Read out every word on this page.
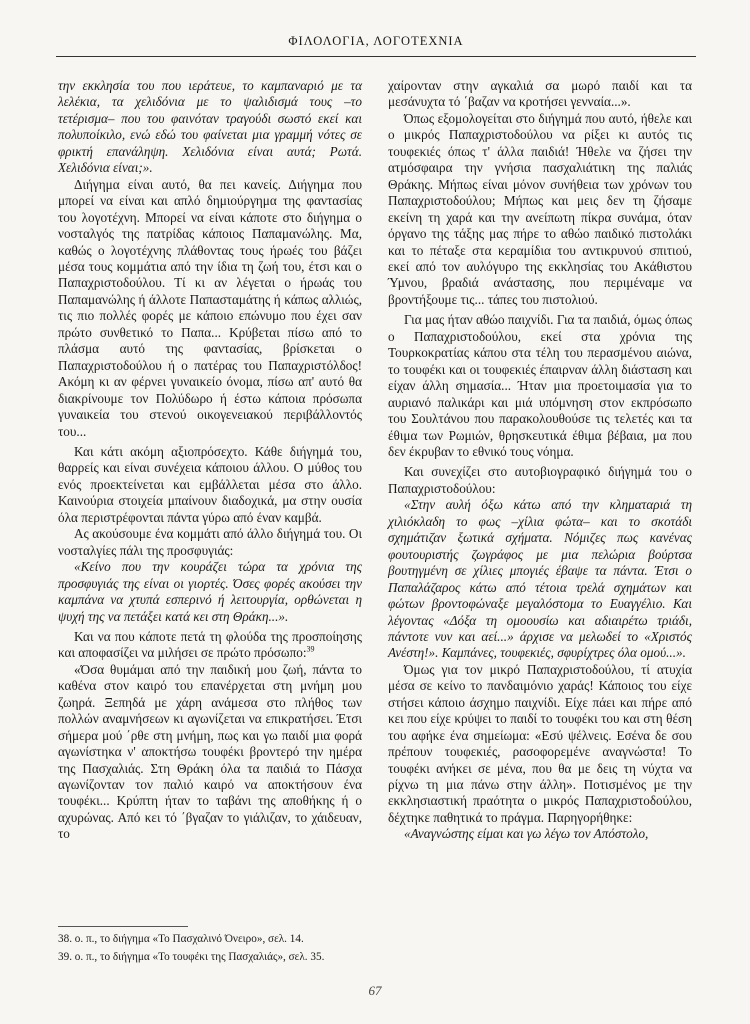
ΦΙΛΟΛΟΓΙΑ, ΛΟΓΟΤΕΧΝΙΑ

την εκκλησία του που ιεράτευε, το καμπαναριό με τα λελέκια, τα χελιδόνια με το ψαλιδισμά τους –το τετέρισμα– που του φαινόταν τραγούδι σωστό εκεί και πολυποίκιλο, ενώ εδώ του φαίνεται μια γραμμή νότες σε φρικτή επανάληψη. Χελιδόνια είναι αυτά; Ρωτά. Χελιδόνια είναι;».

Διήγημα είναι αυτό, θα πει κανείς. Διήγημα που μπορεί να είναι και απλό δημιούργημα της φαντασίας του λογοτέχνη. Μπορεί να είναι κάποτε στο διήγημα ο νοσταλγός της πατρίδας κάποιος Παπαμανώλης. Μα, καθώς ο λογοτέχνης πλάθοντας τους ήρωές του βάζει μέσα τους κομμάτια από την ίδια τη ζωή του, έτσι και ο Παπαχριστοδούλου. Τί κι αν λέγεται ο ήρωάς του Παπαμανώλης ή άλλοτε Παπασταμάτης ή κάπως αλλιώς, τις πιο πολλές φορές με κάποιο επώνυμο που έχει σαν πρώτο συνθετικό το Παπα... Κρύβεται πίσω από το πλάσμα αυτό της φαντασίας, βρίσκεται ο Παπαχριστοδούλου ή ο πατέρας του Παπαχριστόλδος! Ακόμη κι αν φέρνει γυναικείο όνομα, πίσω απ' αυτό θα διακρίνουμε τον Πολύδωρο ή έστω κάποια πρόσωπα γυναικεία του στενού οικογενειακού περιβάλλοντός του...

Και κάτι ακόμη αξιοπρόσεχτο. Κάθε διήγημά του, θαρρείς και είναι συνέχεια κάποιου άλλου. Ο μύθος του ενός προεκτείνεται και εμβάλλεται μέσα στο άλλο. Καινούρια στοιχεία μπαίνουν διαδοχικά, μα στην ουσία όλα περιστρέφονται πάντα γύρω από έναν καμβά.

Ας ακούσουμε ένα κομμάτι από άλλο διήγημά του. Οι νοσταλγίες πάλι της προσφυγιάς:

«Κείνο που την κουράζει τώρα τα χρόνια της προσφυγιάς της είναι οι γιορτές. Όσες φορές ακούσει την καμπάνα να χτυπά εσπερινό ή λειτουργία, ορθώνεται η ψυχή της να πετάξει κατά κει στη Θράκη...».

Και να που κάποτε πετά τη φλούδα της προσποίησης και αποφασίζει να μιλήσει σε πρώτο πρόσωπο:$^{39}$

«Όσα θυμάμαι από την παιδική μου ζωή, πάντα το καθένα στον καιρό του επανέρχεται στη μνήμη μου ζωηρά. Ξεπηδά με χάρη ανάμεσα στο πλήθος των πολλών αναμνήσεων κι αγωνίζεται να επικρατήσει. Έτσι σήμερα μού ΄ρθε στη μνήμη, πως και γω παιδί μια φορά αγωνίστηκα ν' αποκτήσω τουφέκι βροντερό την ημέρα της Πασχαλιάς. Στη Θράκη όλα τα παιδιά το Πάσχα αγωνίζονταν τον παλιό καιρό να αποκτήσουν ένα τουφέκι... Κρύπτη ήταν το ταβάνι της αποθήκης ή ο αχυρώνας. Από κει τό ΄βγαζαν το γιάλιζαν, το χάιδευαν, το

χαίρονταν στην αγκαλιά σα μωρό παιδί και τα μεσάνυχτα τό ΄βαζαν να κροτήσει γενναία...».

Όπως εξομολογείται στο διήγημά που αυτό, ήθελε και ο μικρός Παπαχριστοδούλου να ρίξει κι αυτός τις τουφεκιές όπως τ' άλλα παιδιά! Ήθελε να ζήσει την ατμόσφαιρα την γνήσια πασχαλιάτικη της παλιάς Θράκης. Μήπως είναι μόνον συνήθεια των χρόνων του Παπαχριστοδούλου; Μήπως και μεις δεν τη ζήσαμε εκείνη τη χαρά και την ανείπωτη πίκρα συνάμα, όταν όργανο της τάξης μας πήρε το αθώο παιδικό πιστολάκι και το πέταξε στα κεραμίδια του αντικρυνού σπιτιού, εκεί από τον αυλόγυρο της εκκλησίας του Ακάθιστου Ύμνου, βραδιά ανάστασης, που περιμέναμε να βροντήξουμε τις... τάπες του πιστολιού.

Για μας ήταν αθώο παιχνίδι. Για τα παιδιά, όμως όπως ο Παπαχριστοδούλου, εκεί στα χρόνια της Τουρκοκρατίας κάπου στα τέλη του περασμένου αιώνα, το τουφέκι και οι τουφεκιές έπαιρναν άλλη διάσταση και είχαν άλλη σημασία... Ήταν μια προετοιμασία για το αυριανό παλικάρι και μιά υπόμνηση στον εκπρόσωπο του Σουλτάνου που παρακολουθούσε τις τελετές και τα έθιμα των Ρωμιών, θρησκευτικά έθιμα βέβαια, μα που δεν έκρυβαν το εθνικό τους νόημα.

Και συνεχίζει στο αυτοβιογραφικό διήγημά του ο Παπαχριστοδούλου:

«Στην αυλή όξω κάτω από την κληματαριά τη χιλιόκλαδη το φως –χίλια φώτα– και το σκοτάδι σχημάτιζαν ξωτικά σχήματα. Νόμιζες πως κανένας φουτουριστής ζωγράφος με μια πελώρια βούρτσα βουτηγμένη σε χίλιες μπογιές έβαψε τα πάντα. Έτσι ο Παπαλάζαρος κάτω από τέτοια τρελά σχημάτων και φώτων βροντοφώναξε μεγαλόστομα το Ευαγγέλιο. Και λέγοντας «Δόξα τη ομοουσίω και αδιαιρέτω τριάδι, πάντοτε νυν και αεί...» άρχισε να μελωδεί το «Χριστός Ανέστη!». Καμπάνες, τουφεκιές, σφυρίχτρες όλα ομού...».

Όμως για τον μικρό Παπαχριστοδούλου, τί ατυχία μέσα σε κείνο το πανδαιμόνιο χαράς! Κάποιος του είχε στήσει κάποιο άσχημο παιχνίδι. Είχε πάει και πήρε από κει που είχε κρύψει το παιδί το τουφέκι του και στη θέση του αφήκε ένα σημείωμα: «Εσύ ψέλνεις. Εσένα δε σου πρέπουν τουφεκιές, ρασοφορεμένε αναγνώστα! Το τουφέκι ανήκει σε μένα, που θα με δεις τη νύχτα να ρίχνω τη μια πάνω στην άλλη». Ποτισμένος με την εκκλησιαστική πραότητα ο μικρός Παπαχριστοδούλου, δέχτηκε παθητικά το πράγμα. Παρηγορήθηκε:

«Αναγνώστης είμαι και γω λέγω τον Απόστολο,

38. ο. π., το διήγημα «Το Πασχαλινό Όνειρο», σελ. 14.
39. ο. π., το διήγημα «Το τουφέκι της Πασχαλιάς», σελ. 35.
67
